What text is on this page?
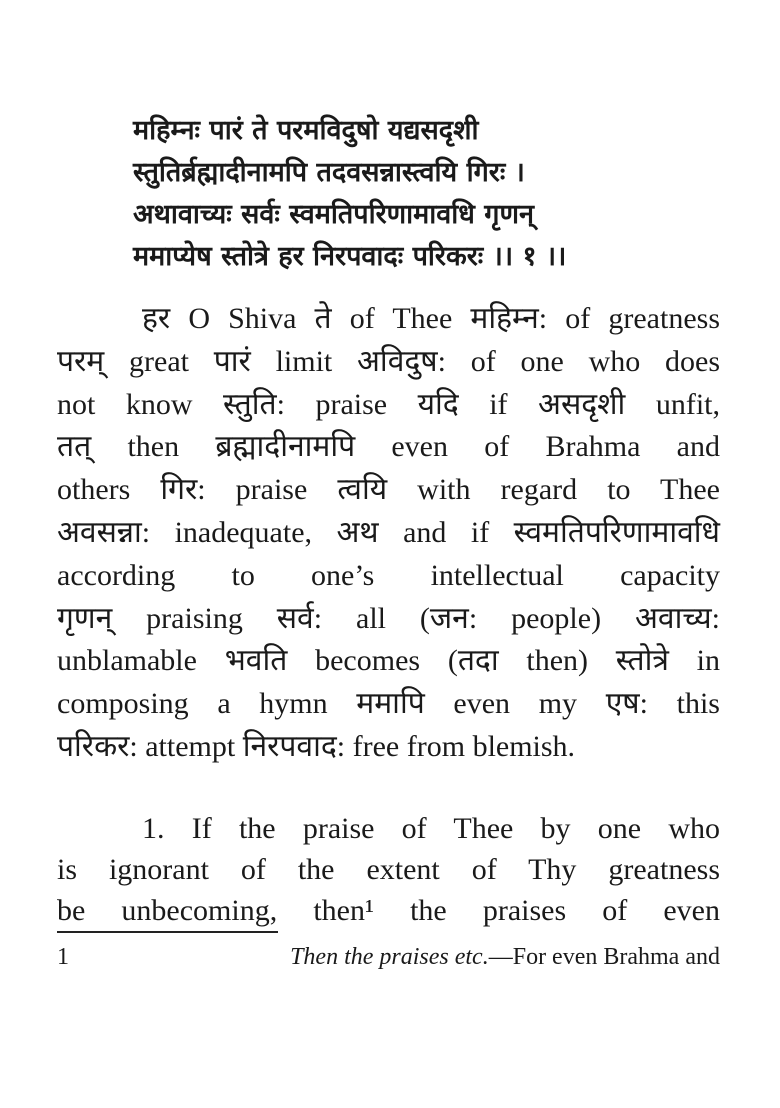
महिम्नः पारं ते परमविदुषो यद्यसदृशी
स्तुतिर्ब्रह्मादीनामपि तदवसन्नास्त्वयि गिरः ।
अथावाच्यः सर्वः स्वमतिपरिणामावधि गृणन्
ममाप्येष स्तोत्रे हर निरपवादः परिकरः ।। १ ।।
हर O Shiva ते of Thee महिम्न: of greatness
परम् great पारं limit अविदुष: of one who does
not know स्तुति: praise यदि if असदृशी unfit,
तत् then ब्रह्मादीनामपि even of Brahma and
others गिर: praise त्वयि with regard to Thee
अवसन्ना: inadequate, अथ and if स्वमतिपरिणामावधि
according to one’s intellectual capacity
गृणन् praising सर्व: all (जन: people) अवाच्य:
unblamable भवति becomes (तदा then) स्तोत्रे in
composing a hymn ममापि even my एष: this
परिकर: attempt निरपवाद: free from blemish.
1. If the praise of Thee by one who
is ignorant of the extent of Thy greatness
be unbecoming, then¹ the praises of even
1	Then the praises etc.—For even Brahma and
